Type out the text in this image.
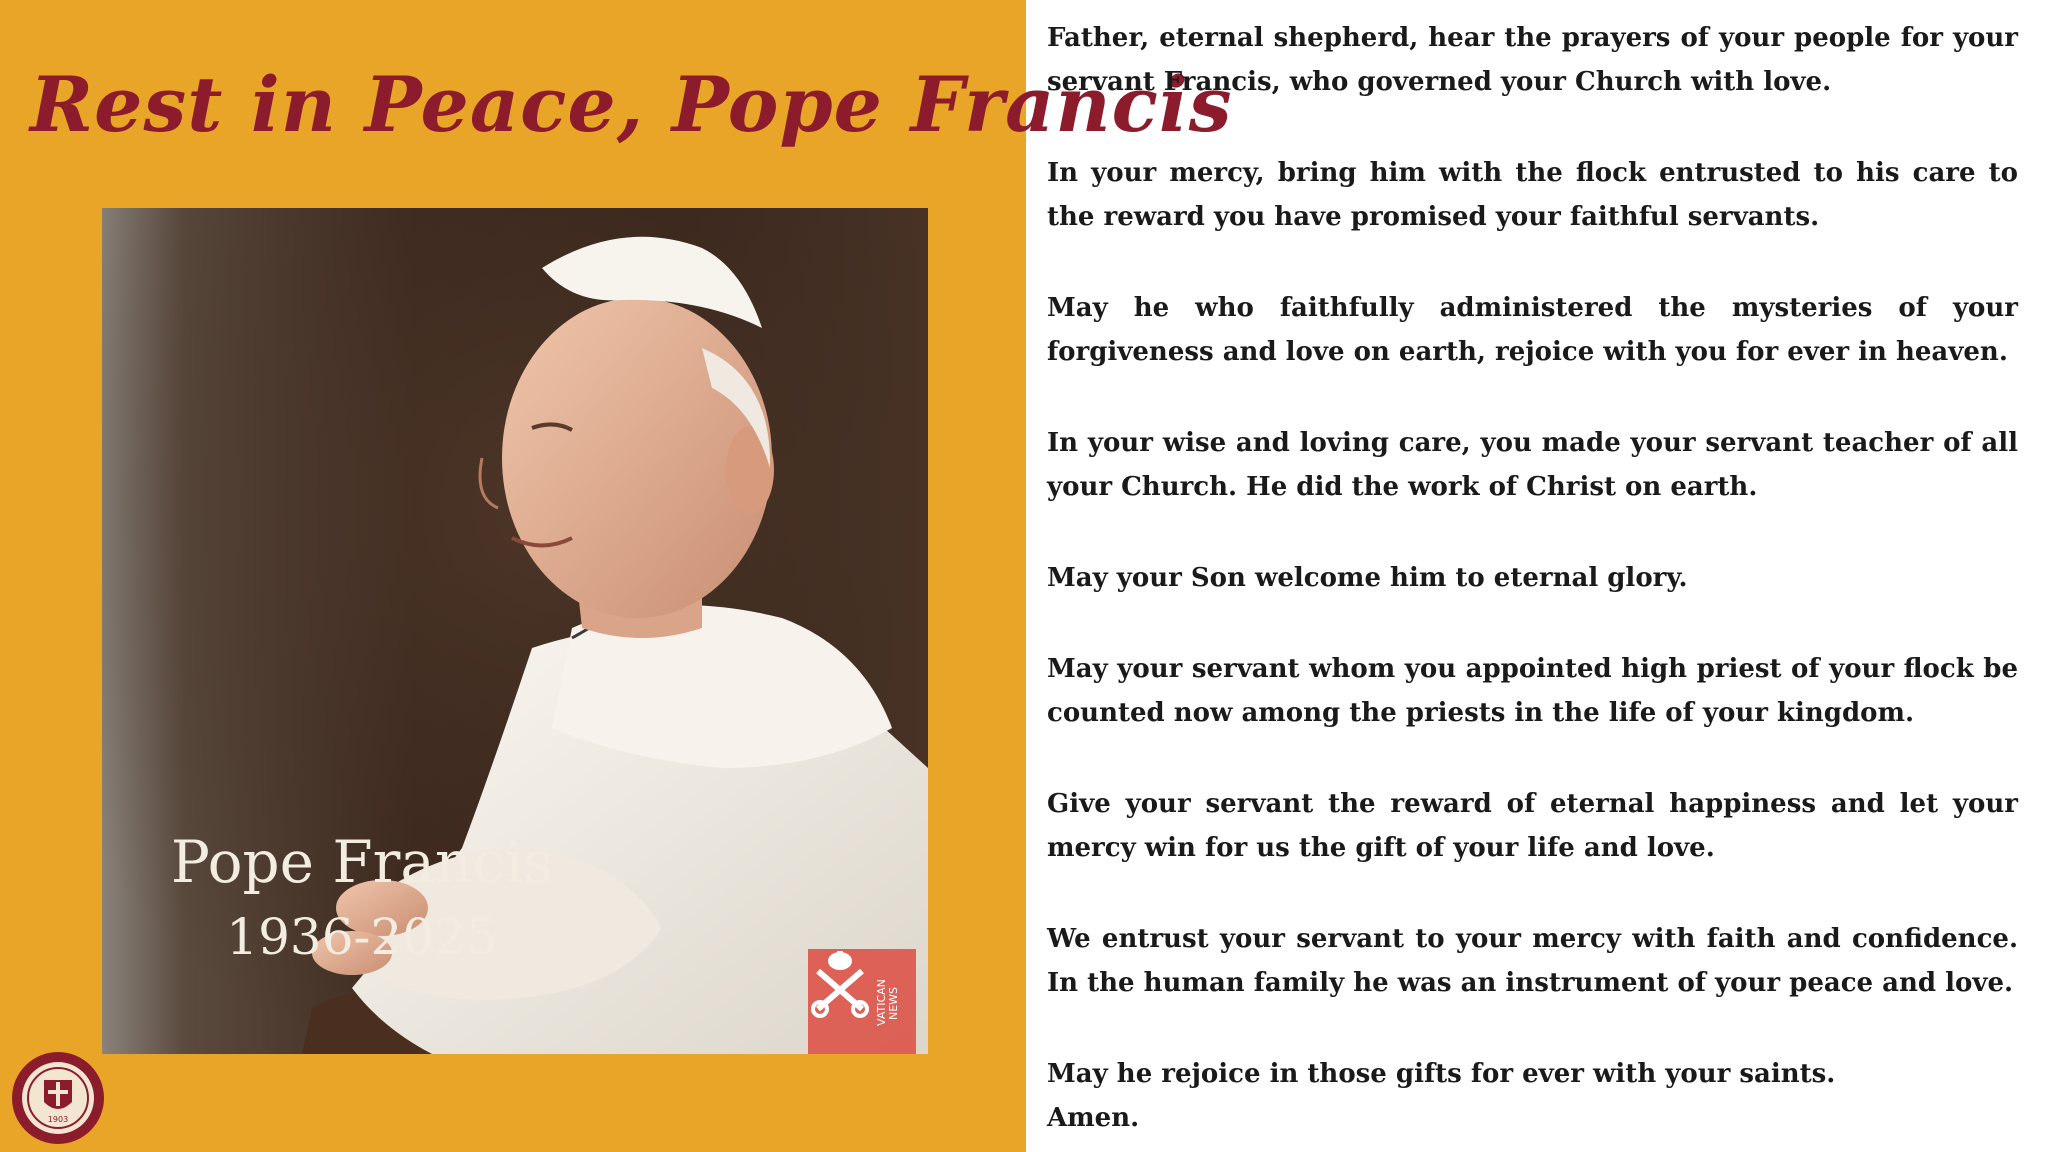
Rest in Peace, Pope Francis
Pope Francis
1936-2025
VATICAN NEWS
1903

Father, eternal shepherd, hear the prayers of your people for your servant Francis, who governed your Church with love.

In your mercy, bring him with the flock entrusted to his care to the reward you have promised your faithful servants.

May he who faithfully administered the mysteries of your forgiveness and love on earth, rejoice with you for ever in heaven.

In your wise and loving care, you made your servant teacher of all your Church. He did the work of Christ on earth.

May your Son welcome him to eternal glory.

May your servant whom you appointed high priest of your flock be counted now among the priests in the life of your kingdom.

Give your servant the reward of eternal happiness and let your mercy win for us the gift of your life and love.

We entrust your servant to your mercy with faith and confidence. In the human family he was an instrument of your peace and love.

May he rejoice in those gifts for ever with your saints.
Amen.
